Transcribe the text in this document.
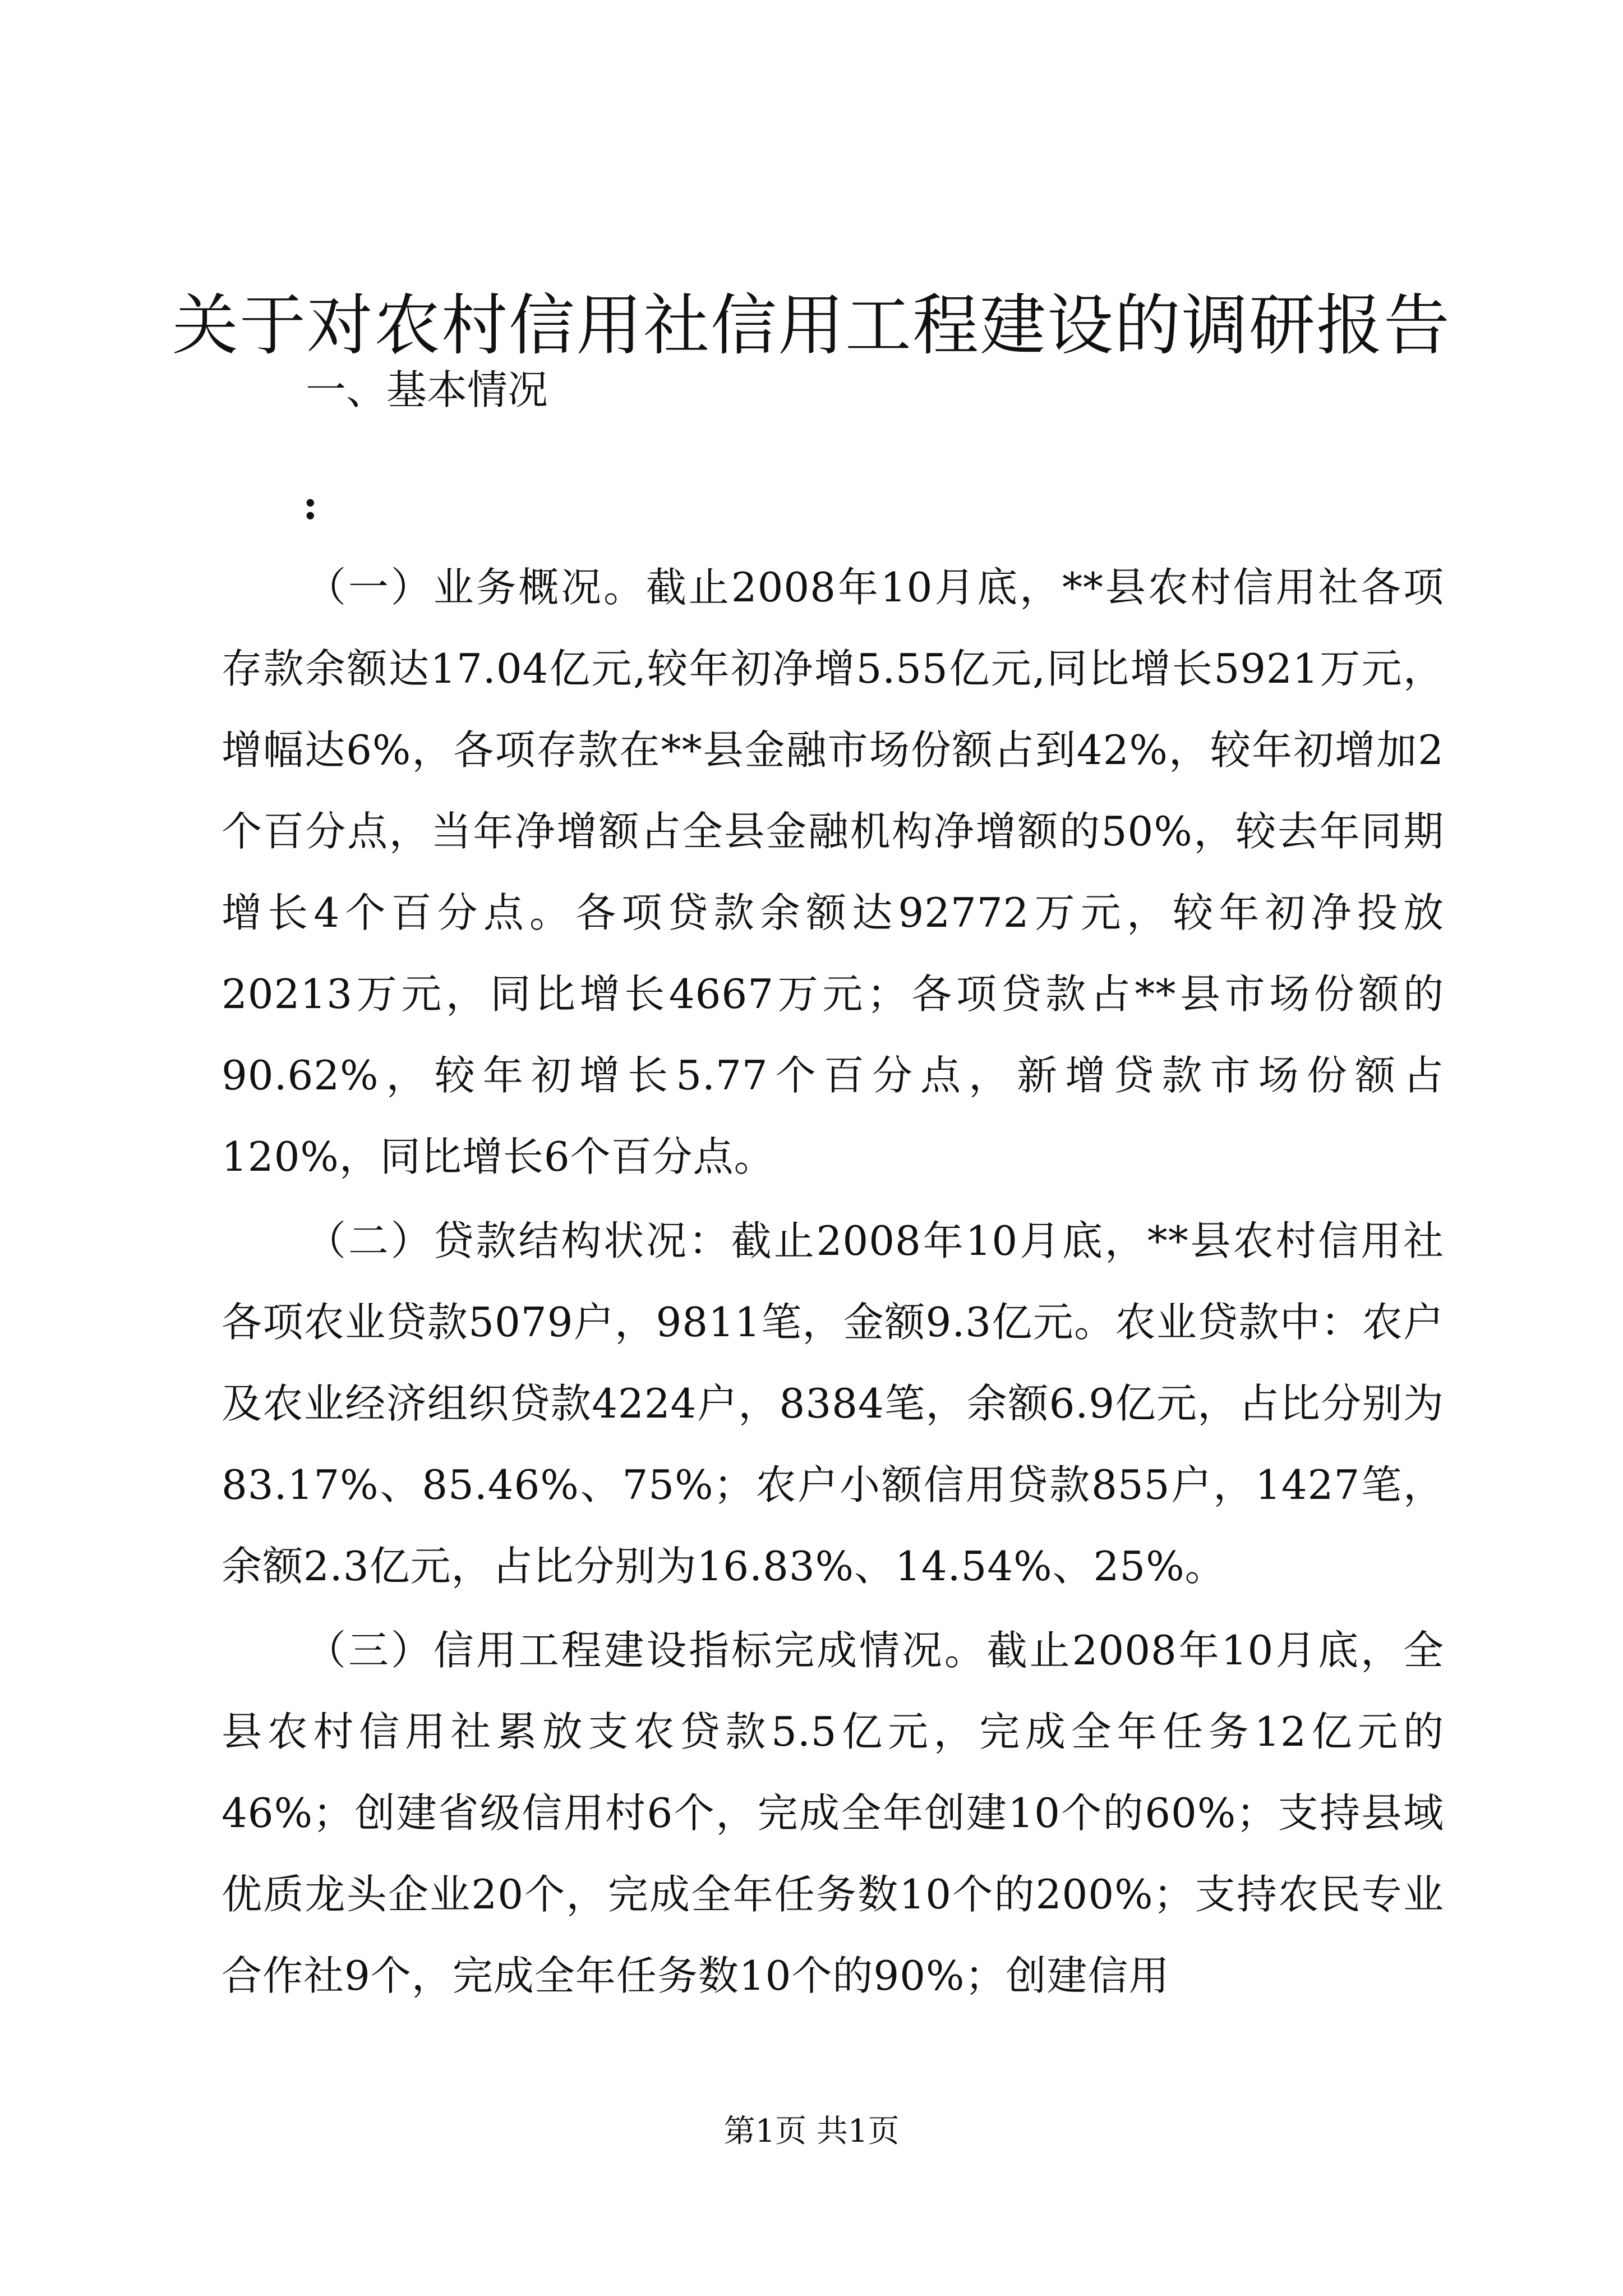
关于对农村信用社信用工程建设的调研报告

一、基本情况

:

（一）业务概况。截止2008年10月底，**县农村信用社各项存款余额达17.04亿元,较年初净增5.55亿元,同比增长5921万元，增幅达6%，各项存款在**县金融市场份额占到42%，较年初增加2个百分点，当年净增额占全县金融机构净增额的50%，较去年同期增长4个百分点。各项贷款余额达92772万元，较年初净投放20213万元，同比增长4667万元；各项贷款占**县市场份额的90.62%，较年初增长5.77个百分点，新增贷款市场份额占120%，同比增长6个百分点。

（二）贷款结构状况：截止2008年10月底，**县农村信用社各项农业贷款5079户，9811笔，金额9.3亿元。农业贷款中：农户及农业经济组织贷款4224户，8384笔，余额6.9亿元，占比分别为83.17%、85.46%、75%；农户小额信用贷款855户，1427笔，余额2.3亿元，占比分别为16.83%、14.54%、25%。

（三）信用工程建设指标完成情况。截止2008年10月底，全县农村信用社累放支农贷款5.5亿元，完成全年任务12亿元的46%；创建省级信用村6个，完成全年创建10个的60%；支持县域优质龙头企业20个，完成全年任务数10个的200%；支持农民专业合作社9个，完成全年任务数10个的90%；创建信用

第1页 共1页
